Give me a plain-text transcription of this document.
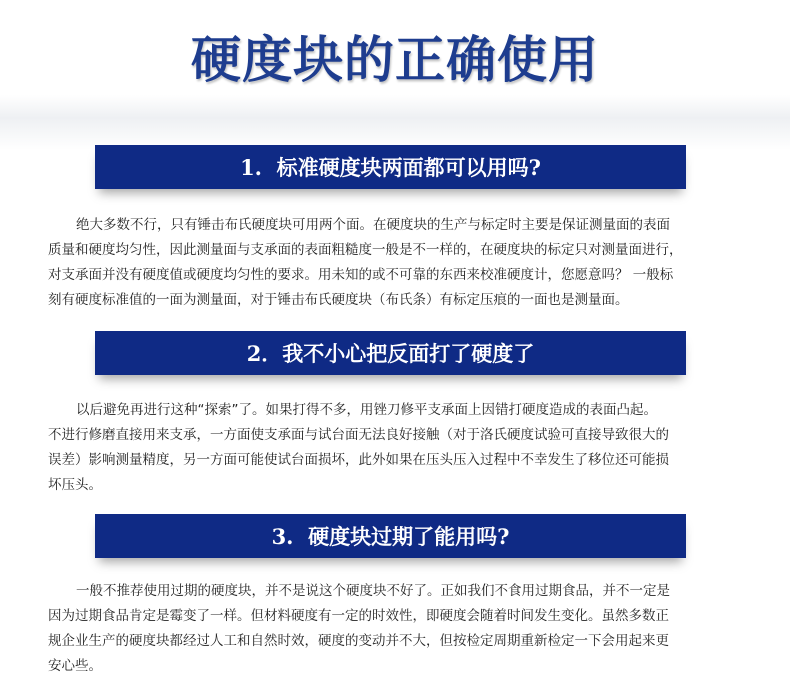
硬度块的正确使用
1.  标准硬度块两面都可以用吗?
绝大多数不行，只有锤击布氏硬度块可用两个面。在硬度块的生产与标定时主要是保证测量面的表面
质量和硬度均匀性，因此测量面与支承面的表面粗糙度一般是不一样的，在硬度块的标定只对测量面进行，
对支承面并没有硬度值或硬度均匀性的要求。用未知的或不可靠的东西来校准硬度计，您愿意吗？ 一般标
刻有硬度标准值的一面为测量面，对于锤击布氏硬度块（布氏条）有标定压痕的一面也是测量面。
2．我不小心把反面打了硬度了
以后避免再进行这种“探索”了。如果打得不多，用锉刀修平支承面上因错打硬度造成的表面凸起。
不进行修磨直接用来支承，一方面使支承面与试台面无法良好接触（对于洛氏硬度试验可直接导致很大的
误差）影响测量精度，另一方面可能使试台面损坏，此外如果在压头压入过程中不幸发生了移位还可能损
坏压头。
3.  硬度块过期了能用吗?
一般不推荐使用过期的硬度块，并不是说这个硬度块不好了。正如我们不食用过期食品，并不一定是
因为过期食品肯定是霉变了一样。但材料硬度有一定的时效性，即硬度会随着时间发生变化。虽然多数正
规企业生产的硬度块都经过人工和自然时效，硬度的变动并不大，但按检定周期重新检定一下会用起来更
安心些。
